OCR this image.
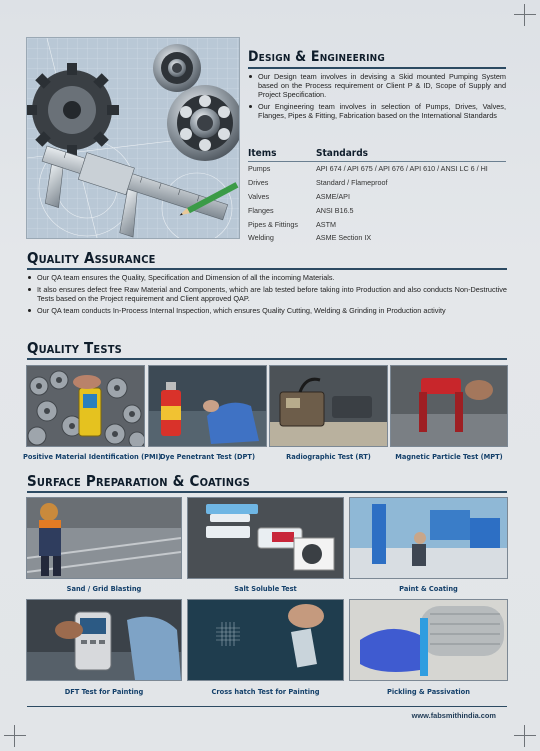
Design & Engineering
Our Design team involves in devising a Skid mounted Pumping System based on the Process requirement or Client P & ID, Scope of Supply and Project Specification.
Our Engineering team involves in selection of Pumps, Drives, Valves, Flanges, Pipes & Fitting, Fabrication based on the International Standards
Items	Standards
Pumps	API 674 / API 675 / API 676 / API 610 / ANSI LC 6 / HI
Drives	Standard / Flameproof
Valves	ASME/API
Flanges	ANSI B16.5
Pipes & Fittings	ASTM
Welding	ASME Section IX
Quality Assurance
Our QA team ensures the Quality, Specification and Dimension of all the incoming Materials.
It also ensures defect free Raw Material and Components, which are lab tested before taking into Production and also conducts Non-Destructive Tests based on the Project requirement and Client approved QAP.
Our QA team conducts In-Process Internal Inspection, which ensures Quality Cutting, Welding & Grinding in Production activity
Quality Tests

Positive Material Identification (PMI)

Dye Penetrant Test (DPT)	Radiographic Test (RT)	Magnetic Particle Test (MPT)

Surface Preparation & Coatings

Sand / Grid Blasting	Salt Soluble Test	Paint & Coating

DFT Test for Painting	Cross hatch Test for Painting	Pickling & Passivation

www.fabsmithindia.com
